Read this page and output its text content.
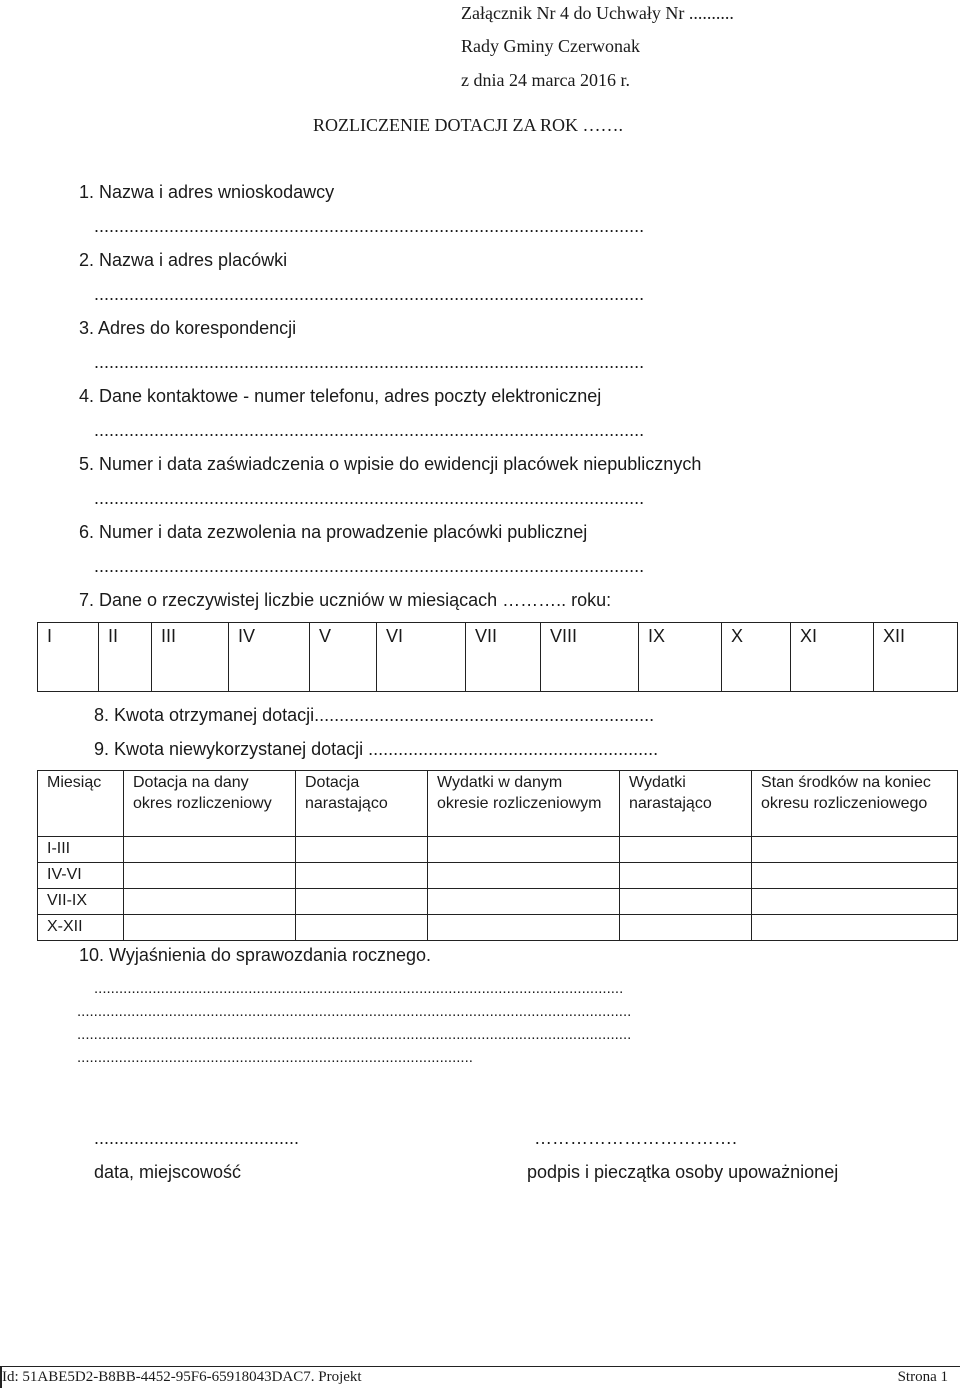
Załącznik Nr 4 do Uchwały Nr ..........
Rady Gminy Czerwonak
z dnia 24 marca 2016 r.
ROZLICZENIE DOTACJI ZA ROK …….
1. Nazwa i adres wnioskodawcy
..............................................................................................................
2. Nazwa i adres placówki
..............................................................................................................
3. Adres do korespondencji
..............................................................................................................
4. Dane kontaktowe - numer telefonu, adres poczty elektronicznej
..............................................................................................................
5. Numer i data zaświadczenia o wpisie do ewidencji placówek niepublicznych
..............................................................................................................
6. Numer i data zezwolenia na prowadzenie placówki publicznej
..............................................................................................................
7. Dane o rzeczywistej liczbie uczniów w miesiącach ……….. roku:
I	II	III	IV	V	VI	VII	VIII	IX	X	XI	XII
8. Kwota otrzymanej dotacji....................................................................
9. Kwota niewykorzystanej dotacji ..........................................................
Miesiąc	Dotacja na dany okres rozliczeniowy	Dotacja narastająco	Wydatki w danym okresie rozliczeniowym	Wydatki narastająco	Stan środków na koniec okresu rozliczeniowego
I-III					
IV-VI					
VII-IX					
X-XII					
10. Wyjaśnienia do sprawozdania rocznego.
...............................................................................................................................
.....................................................................................................................................
.....................................................................................................................................
...............................................................................................
.........................................	…………………………….
data, miejscowość	podpis i pieczątka osoby upoważnionej
Id: 51ABE5D2-B8BB-4452-95F6-65918043DAC7. Projekt	Strona 1
